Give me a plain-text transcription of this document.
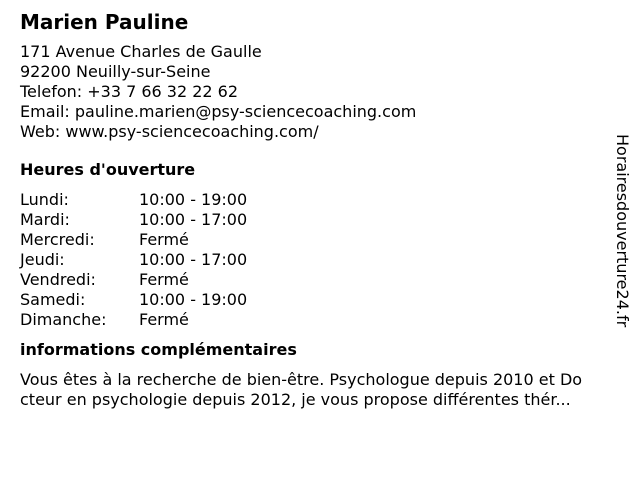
Marien Pauline
171 Avenue Charles de Gaulle
92200 Neuilly-sur-Seine
Telefon: +33 7 66 32 22 62
Email: pauline.marien@psy-sciencecoaching.com
Web: www.psy-sciencecoaching.com/
Heures d'ouverture
Lundi:	10:00 - 19:00
Mardi:	10:00 - 17:00
Mercredi:	Fermé
Jeudi:	10:00 - 17:00
Vendredi:	Fermé
Samedi:	10:00 - 19:00
Dimanche:	Fermé
informations complémentaires
Vous êtes à la recherche de bien-être. Psychologue depuis 2010 et Do
cteur en psychologie depuis 2012, je vous propose différentes thér...
Horairesdouverture24.fr
